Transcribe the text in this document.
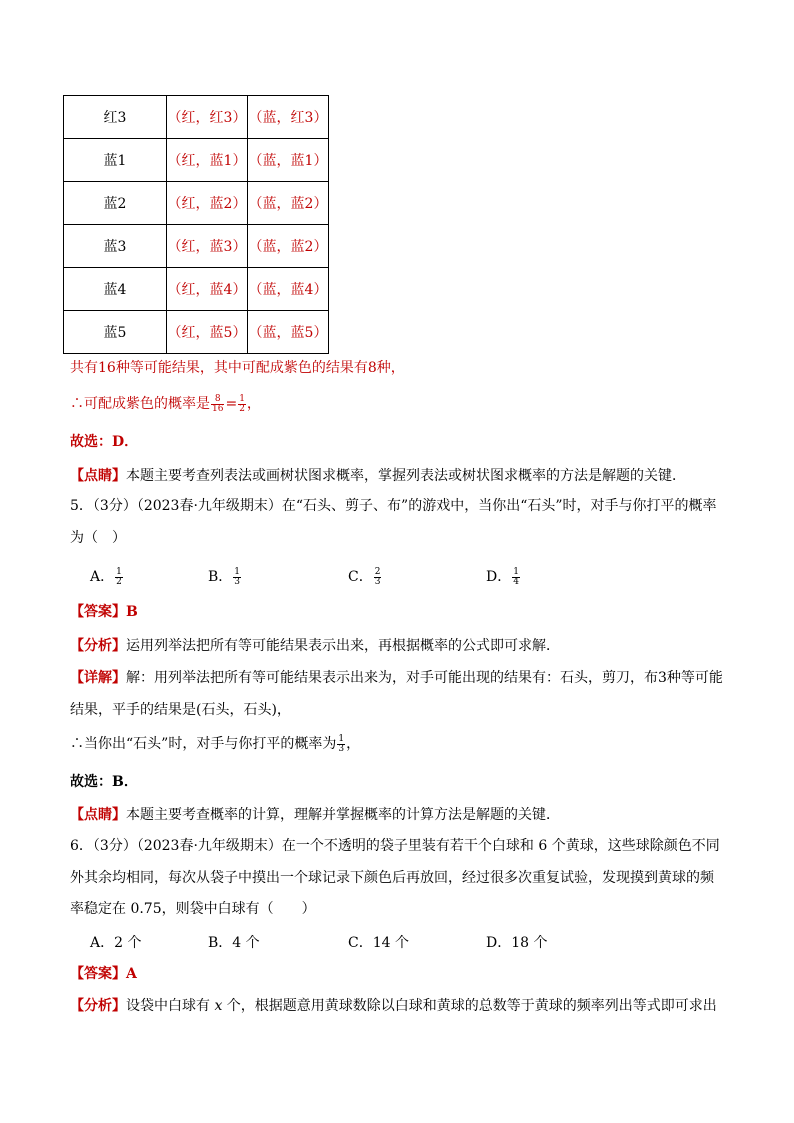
红3	（红，红3）	（蓝，红3）
蓝1	（红，蓝1）	（蓝，蓝1）
蓝2	（红，蓝2）	（蓝，蓝2）
蓝3	（红，蓝3）	（蓝，蓝2）
蓝4	（红，蓝4）	（蓝，蓝4）
蓝5	（红，蓝5）	（蓝，蓝5）
共有16种等可能结果，其中可配成紫色的结果有8种，
∴可配成紫色的概率是 $\frac{8}{16} = \frac{1}{2}$ ，
故选：D．
【点睛】本题主要考查列表法或画树状图求概率，掌握列表法或树状图求概率的方法是解题的关键．
5．（3分）（2023春·九年级期末）在“石头、剪子、布”的游戏中，当你出“石头”时，对手与你打平的概率
为（　）
A． $\frac{1}{2}$	B． $\frac{1}{3}$	C． $\frac{2}{3}$	D． $\frac{1}{4}$
【答案】B
【分析】运用列举法把所有等可能结果表示出来，再根据概率的公式即可求解．
【详解】解：用列举法把所有等可能结果表示出来为，对手可能出现的结果有：石头，剪刀，布3种等可能
结果，平手的结果是(石头，石头)，
∴当你出“石头”时，对手与你打平的概率为 $\frac{1}{3}$ ，
故选：B．
【点睛】本题主要考查概率的计算，理解并掌握概率的计算方法是解题的关键．
6．（3分）（2023春·九年级期末）在一个不透明的袋子里装有若干个白球和 6 个黄球，这些球除颜色不同
外其余均相同，每次从袋子中摸出一个球记录下颜色后再放回，经过很多次重复试验，发现摸到黄球的频
率稳定在 0.75，则袋中白球有（　　）
A．2 个	B．4 个	C．14 个	D．18 个
【答案】A
【分析】设袋中白球有 x 个，根据题意用黄球数除以白球和黄球的总数等于黄球的频率列出等式即可求出
